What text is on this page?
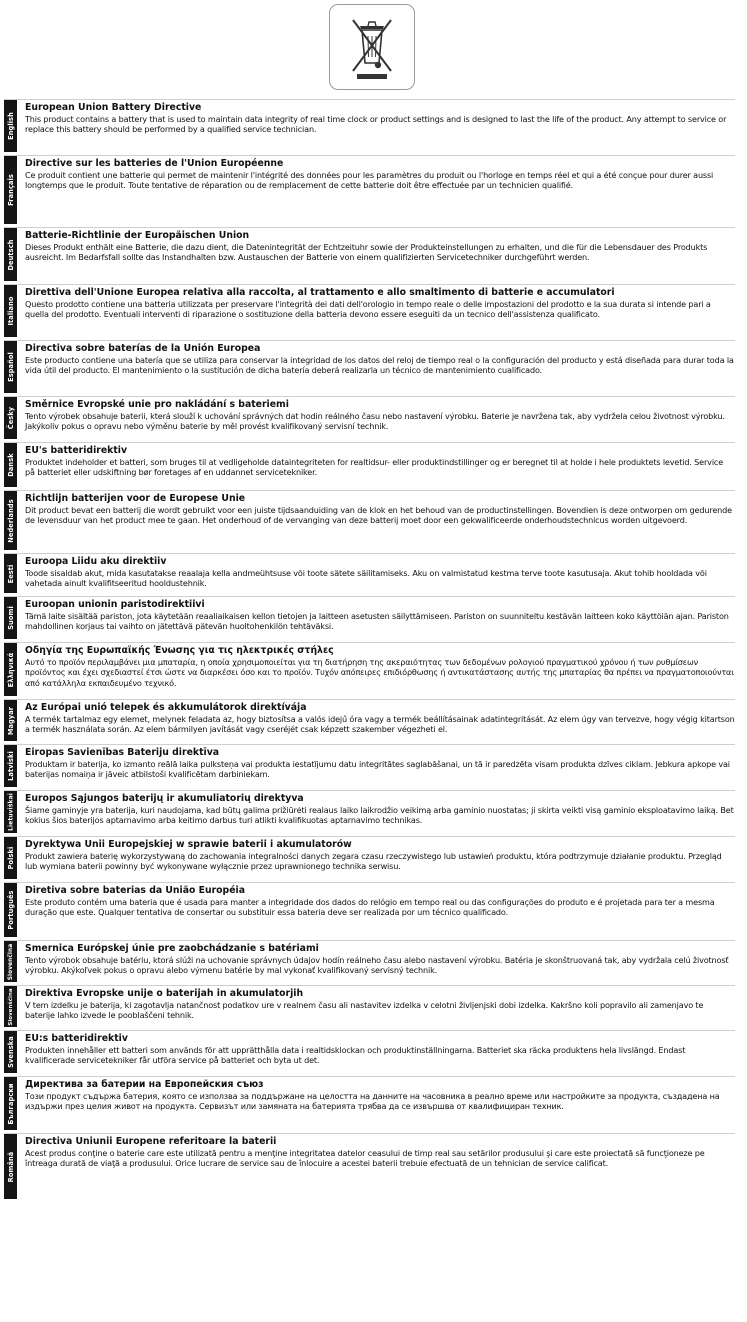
English
European Union Battery Directive

This product contains a battery that is used to maintain data integrity of real time clock or product settings and is designed to last the life of the product. Any attempt to service or replace this battery should be performed by a qualified service technician.

Français
Directive sur les batteries de l'Union Européenne

Ce produit contient une batterie qui permet de maintenir l'intégrité des données pour les paramètres du produit ou l'horloge en temps réel et qui a été conçue pour durer aussi longtemps que le produit. Toute tentative de réparation ou de remplacement de cette batterie doit être effectuée par un technicien qualifié.

Deutsch
Batterie-Richtlinie der Europäischen Union

Dieses Produkt enthält eine Batterie, die dazu dient, die Datenintegrität der Echtzeituhr sowie der Produkteinstellungen zu erhalten, und die für die Lebensdauer des Produkts ausreicht. Im Bedarfsfall sollte das Instandhalten bzw. Austauschen der Batterie von einem qualifizierten Servicetechniker durchgeführt werden.

Italiano
Direttiva dell'Unione Europea relativa alla raccolta, al trattamento e allo smaltimento di batterie e accumulatori

Questo prodotto contiene una batteria utilizzata per preservare l'integrità dei dati dell'orologio in tempo reale o delle impostazioni del prodotto e la sua durata si intende pari a quella del prodotto. Eventuali interventi di riparazione o sostituzione della batteria devono essere eseguiti da un tecnico dell'assistenza qualificato.

Español
Directiva sobre baterías de la Unión Europea

Este producto contiene una batería que se utiliza para conservar la integridad de los datos del reloj de tiempo real o la configuración del producto y está diseñada para durar toda la vida útil del producto. El mantenimiento o la sustitución de dicha batería deberá realizarla un técnico de mantenimiento cualificado.

Česky
Směrnice Evropské unie pro nakládání s bateriemi

Tento výrobek obsahuje baterii, která slouží k uchování správných dat hodin reálného času nebo nastavení výrobku. Baterie je navržena tak, aby vydržela celou životnost výrobku. Jakýkoliv pokus o opravu nebo výměnu baterie by měl provést kvalifikovaný servisní technik.

Dansk
EU's batteridirektiv

Produktet indeholder et batteri, som bruges til at vedligeholde dataintegriteten for realtidsur- eller produktindstillinger og er beregnet til at holde i hele produktets levetid. Service på batteriet eller udskiftning bør foretages af en uddannet servicetekniker.

Nederlands
Richtlijn batterijen voor de Europese Unie

Dit product bevat een batterij die wordt gebruikt voor een juiste tijdsaanduiding van de klok en het behoud van de productinstellingen. Bovendien is deze ontworpen om gedurende de levensduur van het product mee te gaan. Het onderhoud of de vervanging van deze batterij moet door een gekwalificeerde onderhoudstechnicus worden uitgevoerd.

Eesti
Euroopa Liidu aku direktiiv

Toode sisaldab akut, mida kasutatakse reaalaja kella andmeühtsuse või toote sätete säilitamiseks. Aku on valmistatud kestma terve toote kasutusaja. Akut tohib hooldada või vahetada ainult kvalifitseeritud hooldustehnik.

Suomi
Euroopan unionin paristodirektiivi

Tämä laite sisältää pariston, jota käytetään reaaliaikaisen kellon tietojen ja laitteen asetusten säilyttämiseen. Pariston on suunniteltu kestävän laitteen koko käyttöiän ajan. Pariston mahdollinen korjaus tai vaihto on jätettävä pätevän huoltohenkilön tehtäväksi.

Ελληνικά
Οδηγία της Ευρωπαϊκής Ένωσης για τις ηλεκτρικές στήλες

Αυτό το προϊόν περιλαμβάνει μια μπαταρία, η οποία χρησιμοποιείται για τη διατήρηση της ακεραιότητας των δεδομένων ρολογιού πραγματικού χρόνου ή των ρυθμίσεων προϊόντος και έχει σχεδιαστεί έτσι ώστε να διαρκέσει όσο και το προϊόν. Τυχόν απόπειρες επιδιόρθωσης ή αντικατάστασης αυτής της μπαταρίας θα πρέπει να πραγματοποιούνται από κατάλληλα εκπαιδευμένο τεχνικό.

Magyar Az Európai unió telepek és akkumulátorok direktívája

A termék tartalmaz egy elemet, melynek feladata az, hogy biztosítsa a valós idejű óra vagy a termék beállításainak adatintegritását. Az elem úgy van tervezve, hogy végig kitartson a termék használata során. Az elem bármilyen javítását vagy cseréjét csak képzett szakember végezheti el.

Latviski Eiropas Savienības Bateriju direktīva

Produktam ir baterija, ko izmanto reālā laika pulksteņa vai produkta iestatījumu datu integritātes saglabāšanai, un tā ir paredzēta visam produkta dzīves ciklam. Jebkura apkope vai baterijas nomaiņa ir jāveic atbilstoši kvalificētam darbiniekam.

Lietuviškai Europos Sąjungos baterijų ir akumuliatorių direktyva

Šiame gaminyje yra baterija, kuri naudojama, kad būtų galima prižiūrėti realaus laiko laikrodžio veikimą arba gaminio nuostatas; ji skirta veikti visą gaminio eksploatavimo laiką. Bet kokius šios baterijos aptarnavimo arba keitimo darbus turi atlikti kvalifikuotas aptarnavimo technikas.

Polski
Dyrektywa Unii Europejskiej w sprawie baterii i akumulatorów

Produkt zawiera baterię wykorzystywaną do zachowania integralności danych zegara czasu rzeczywistego lub ustawień produktu, która podtrzymuje działanie produktu. Przegląd lub wymiana baterii powinny być wykonywane wyłącznie przez uprawnionego technika serwisu.

Português Diretiva sobre baterias da União Européia

Este produto contém uma bateria que é usada para manter a integridade dos dados do relógio em tempo real ou das configurações do produto e é projetada para ter a mesma duração que este. Qualquer tentativa de consertar ou substituir essa bateria deve ser realizada por um técnico qualificado.

Slovenčina Smernica Európskej únie pre zaobchádzanie s batériami

Tento výrobok obsahuje batériu, ktorá slúži na uchovanie správnych údajov hodín reálneho času alebo nastavení výrobku. Batéria je skonštruovaná tak, aby vydržala celú životnosť výrobku. Akýkoľvek pokus o opravu alebo výmenu batérie by mal vykonať kvalifikovaný servisný technik.

Slovenščina Direktiva Evropske unije o baterijah in akumulatorjih

V tem izdelku je baterija, ki zagotavlja natančnost podatkov ure v realnem času ali nastavitev izdelka v celotni življenjski dobi izdelka. Kakršno koli popravilo ali zamenjavo te baterije lahko izvede le pooblaščeni tehnik.

Svenska EU:s batteridirektiv

Produkten innehåller ett batteri som används för att upprätthålla data i realtidsklockan och produktinställningarna. Batteriet ska räcka produktens hela livslängd. Endast kvalificerade servicetekniker får utföra service på batteriet och byta ut det.

Български Директива за батерии на Европейския съюз

Този продукт съдържа батерия, която се използва за поддържане на целостта на данните на часовника в реално време или настройките за продукта, създадена на издържи през целия живот на продукта. Сервизът или замяната на батерията трябва да се извършва от квалифициран техник.

Română
Directiva Uniunii Europene referitoare la baterii

Acest produs conţine o baterie care este utilizată pentru a menţine integritatea datelor ceasului de timp real sau setărilor produsului şi care este proiectată să funcţioneze pe întreaga durată de viaţă a produsului. Orice lucrare de service sau de înlocuire a acestei baterii trebuie efectuată de un tehnician de service calificat.
